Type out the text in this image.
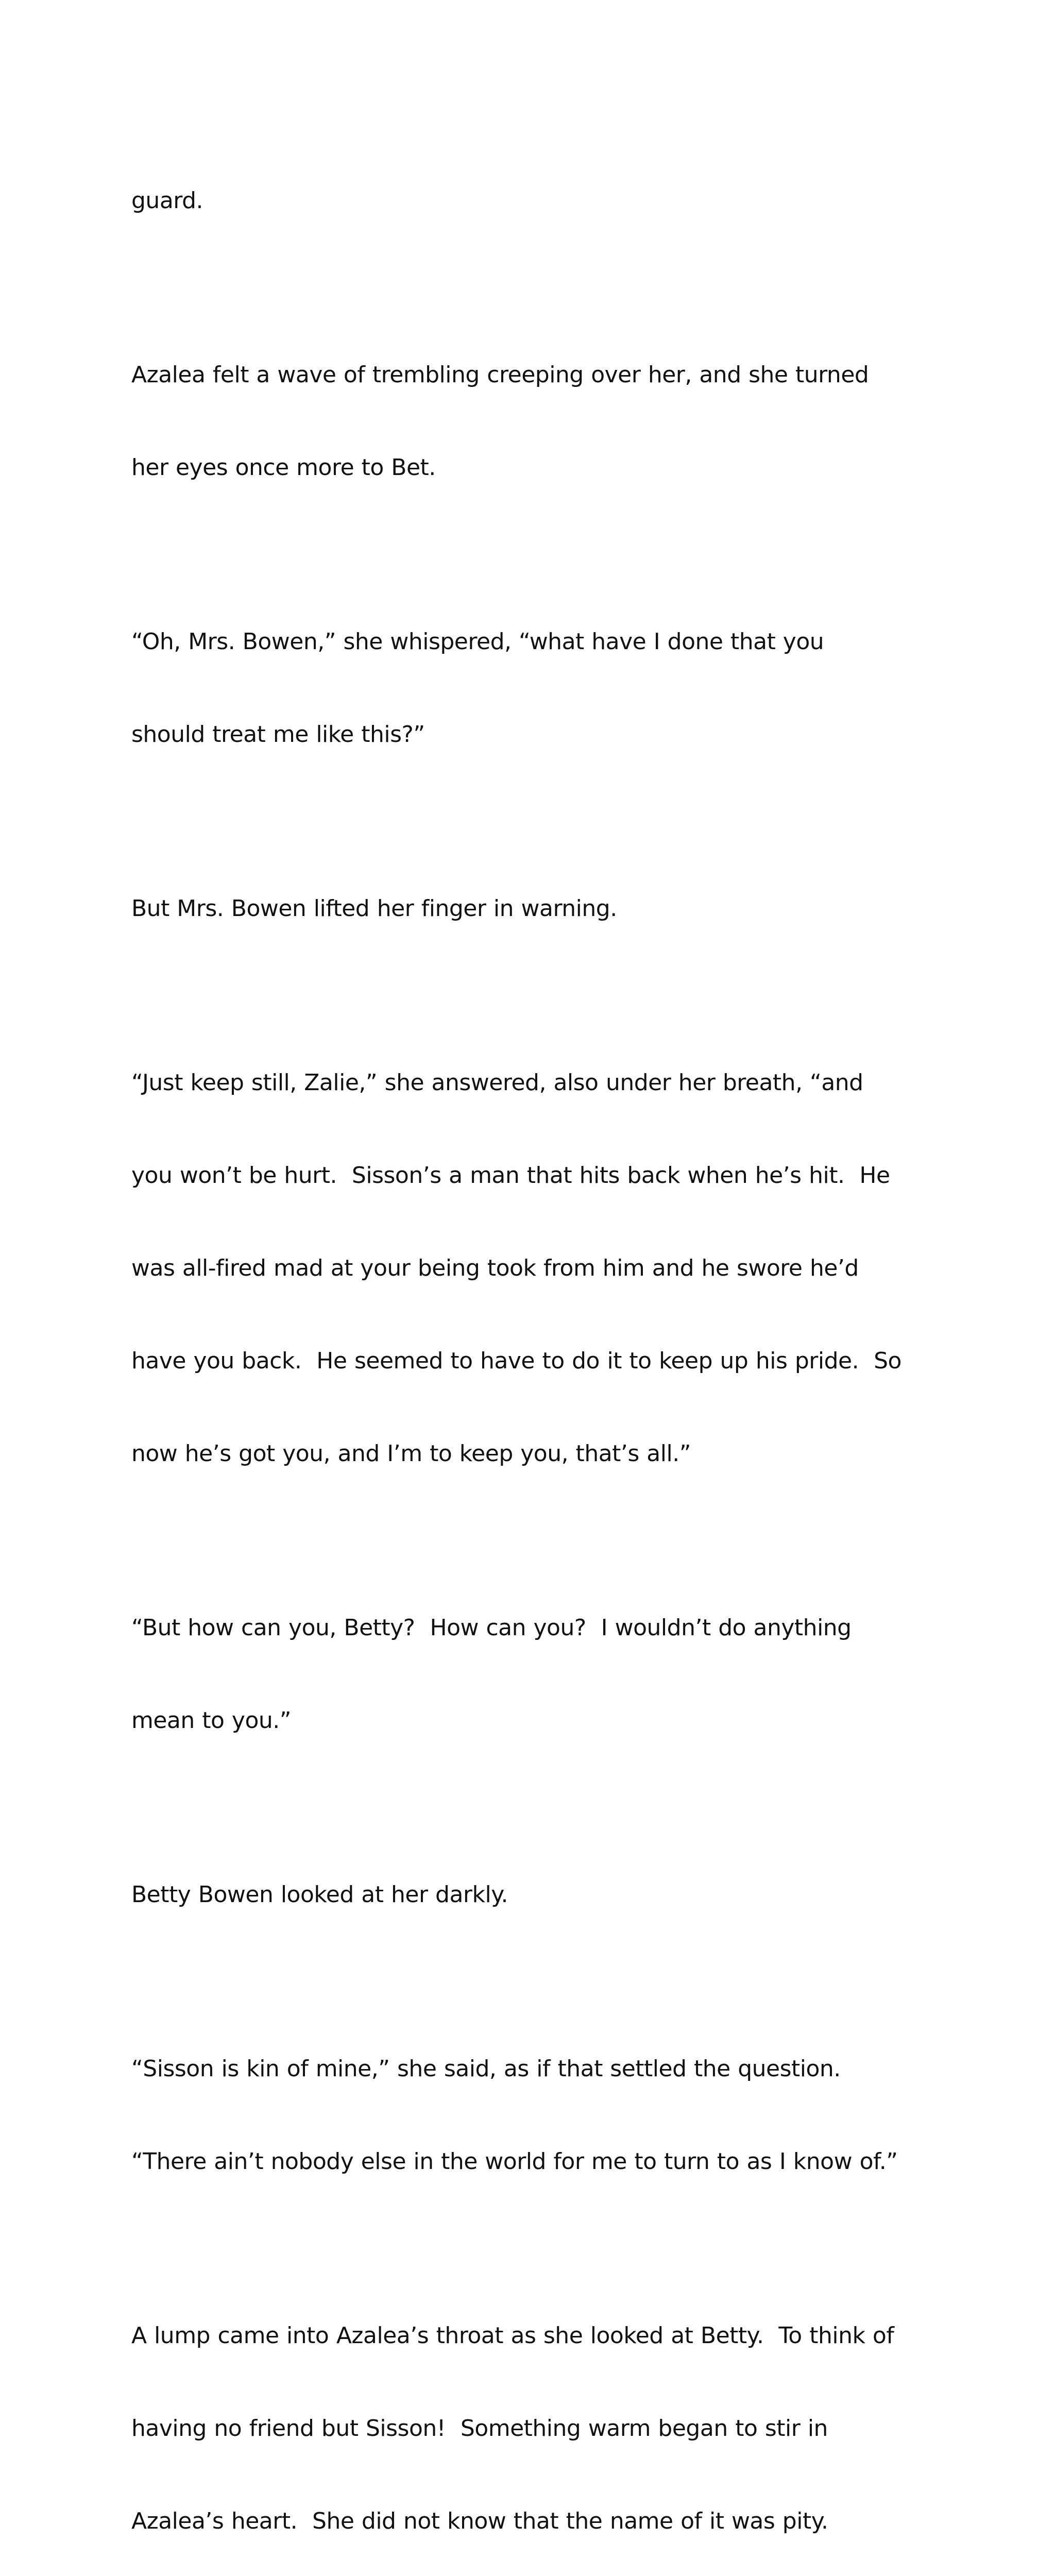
guard.

Azalea felt a wave of trembling creeping over her, and she turned

her eyes once more to Bet.

“Oh, Mrs. Bowen,” she whispered, “what have I done that you

should treat me like this?”

But Mrs. Bowen lifted her finger in warning.

“Just keep still, Zalie,” she answered, also under her breath, “and

you won’t be hurt.  Sisson’s a man that hits back when he’s hit.  He

was all-fired mad at your being took from him and he swore he’d

have you back.  He seemed to have to do it to keep up his pride.  So

now he’s got you, and I’m to keep you, that’s all.”

“But how can you, Betty?  How can you?  I wouldn’t do anything

mean to you.”

Betty Bowen looked at her darkly.

“Sisson is kin of mine,” she said, as if that settled the question.

“There ain’t nobody else in the world for me to turn to as I know of.”

A lump came into Azalea’s throat as she looked at Betty.  To think of

having no friend but Sisson!  Something warm began to stir in

Azalea’s heart.  She did not know that the name of it was pity.
